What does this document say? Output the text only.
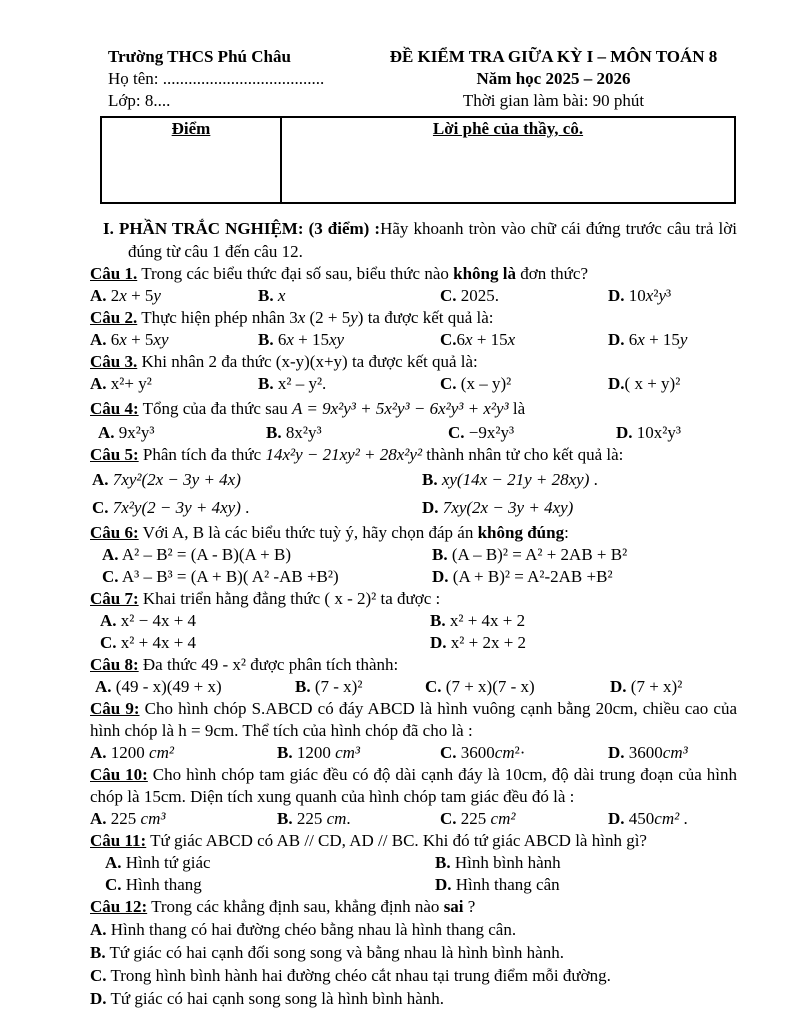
Trường THCS Phú Châu
Họ tên: ......................................
Lớp: 8....
ĐỀ KIỂM TRA GIỮA KỲ I – MÔN TOÁN 8
Năm học 2025 – 2026
Thời gian làm bài: 90 phút
Điểm	Lời phê của thầy, cô.
I. PHẦN TRẮC NGHIỆM: (3 điểm) :Hãy khoanh tròn vào chữ cái đứng trước câu trả lời đúng từ câu 1 đến câu 12.
Câu 1. Trong các biểu thức đại số sau, biểu thức nào không là đơn thức?
A. 2x + 5y	B. x	C. 2025.	D. 10x²y³
Câu 2. Thực hiện phép nhân 3x (2 + 5y) ta được kết quả là:
A. 6x + 5xy	B. 6x + 15xy	C.6x + 15x	D. 6x + 15y
Câu 3. Khi nhân 2 đa thức (x-y)(x+y) ta được kết quả là:
A. x²+ y²	B. x² – y².	C. (x – y)²	D.( x + y)²
Câu 4: Tổng của đa thức sau A = 9x²y³ + 5x²y³ − 6x²y³ + x²y³ là
A. 9x²y³	B. 8x²y³	C. −9x²y³	D. 10x²y³
Câu 5: Phân tích đa thức 14x²y − 21xy² + 28x²y² thành nhân tử cho kết quả là:
A. 7xy²(2x − 3y + 4x)	B. xy(14x − 21y + 28xy) .
C. 7x²y(2 − 3y + 4xy) .	D. 7xy(2x − 3y + 4xy)
Câu 6: Với A, B là các biểu thức tuỳ ý, hãy chọn đáp án không đúng:
A. A² – B² = (A - B)(A + B)	B. (A – B)² = A² + 2AB + B²
C. A³ – B³ = (A + B)( A² -AB +B²)	D. (A + B)² = A²-2AB +B²
Câu 7: Khai triển hằng đẳng thức ( x - 2)² ta được :
A. x² − 4x + 4	B. x² + 4x + 2
C. x² + 4x + 4	D. x² + 2x + 2
Câu 8: Đa thức 49 - x² được phân tích thành:
A. (49 - x)(49 + x)	B. (7 - x)²	C. (7 + x)(7 - x)	D. (7 + x)²
Câu 9: Cho hình chóp S.ABCD có đáy ABCD là hình vuông cạnh bằng 20cm, chiều cao của hình chóp là h = 9cm. Thể tích của hình chóp đã cho là :
A. 1200 cm²	B. 1200 cm³	C. 3600cm²·	D. 3600cm³
Câu 10: Cho hình chóp tam giác đều có độ dài cạnh đáy là 10cm, độ dài trung đoạn của hình chóp là 15cm. Diện tích xung quanh của hình chóp tam giác đều đó là :
A. 225 cm³	B. 225 cm.	C. 225 cm²	D. 450cm² .
Câu 11: Tứ giác ABCD có AB // CD, AD // BC. Khi đó tứ giác ABCD là hình gì?
A. Hình tứ giác	B. Hình bình hành
C. Hình thang	D. Hình thang cân
Câu 12: Trong các khẳng định sau, khẳng định nào sai ?
A. Hình thang có hai đường chéo bằng nhau là hình thang cân.
B. Tứ giác có hai cạnh đối song song và bằng nhau là hình bình hành.
C. Trong hình bình hành hai đường chéo cắt nhau tại trung điểm mỗi đường.
D. Tứ giác có hai cạnh song song là hình bình hành.
